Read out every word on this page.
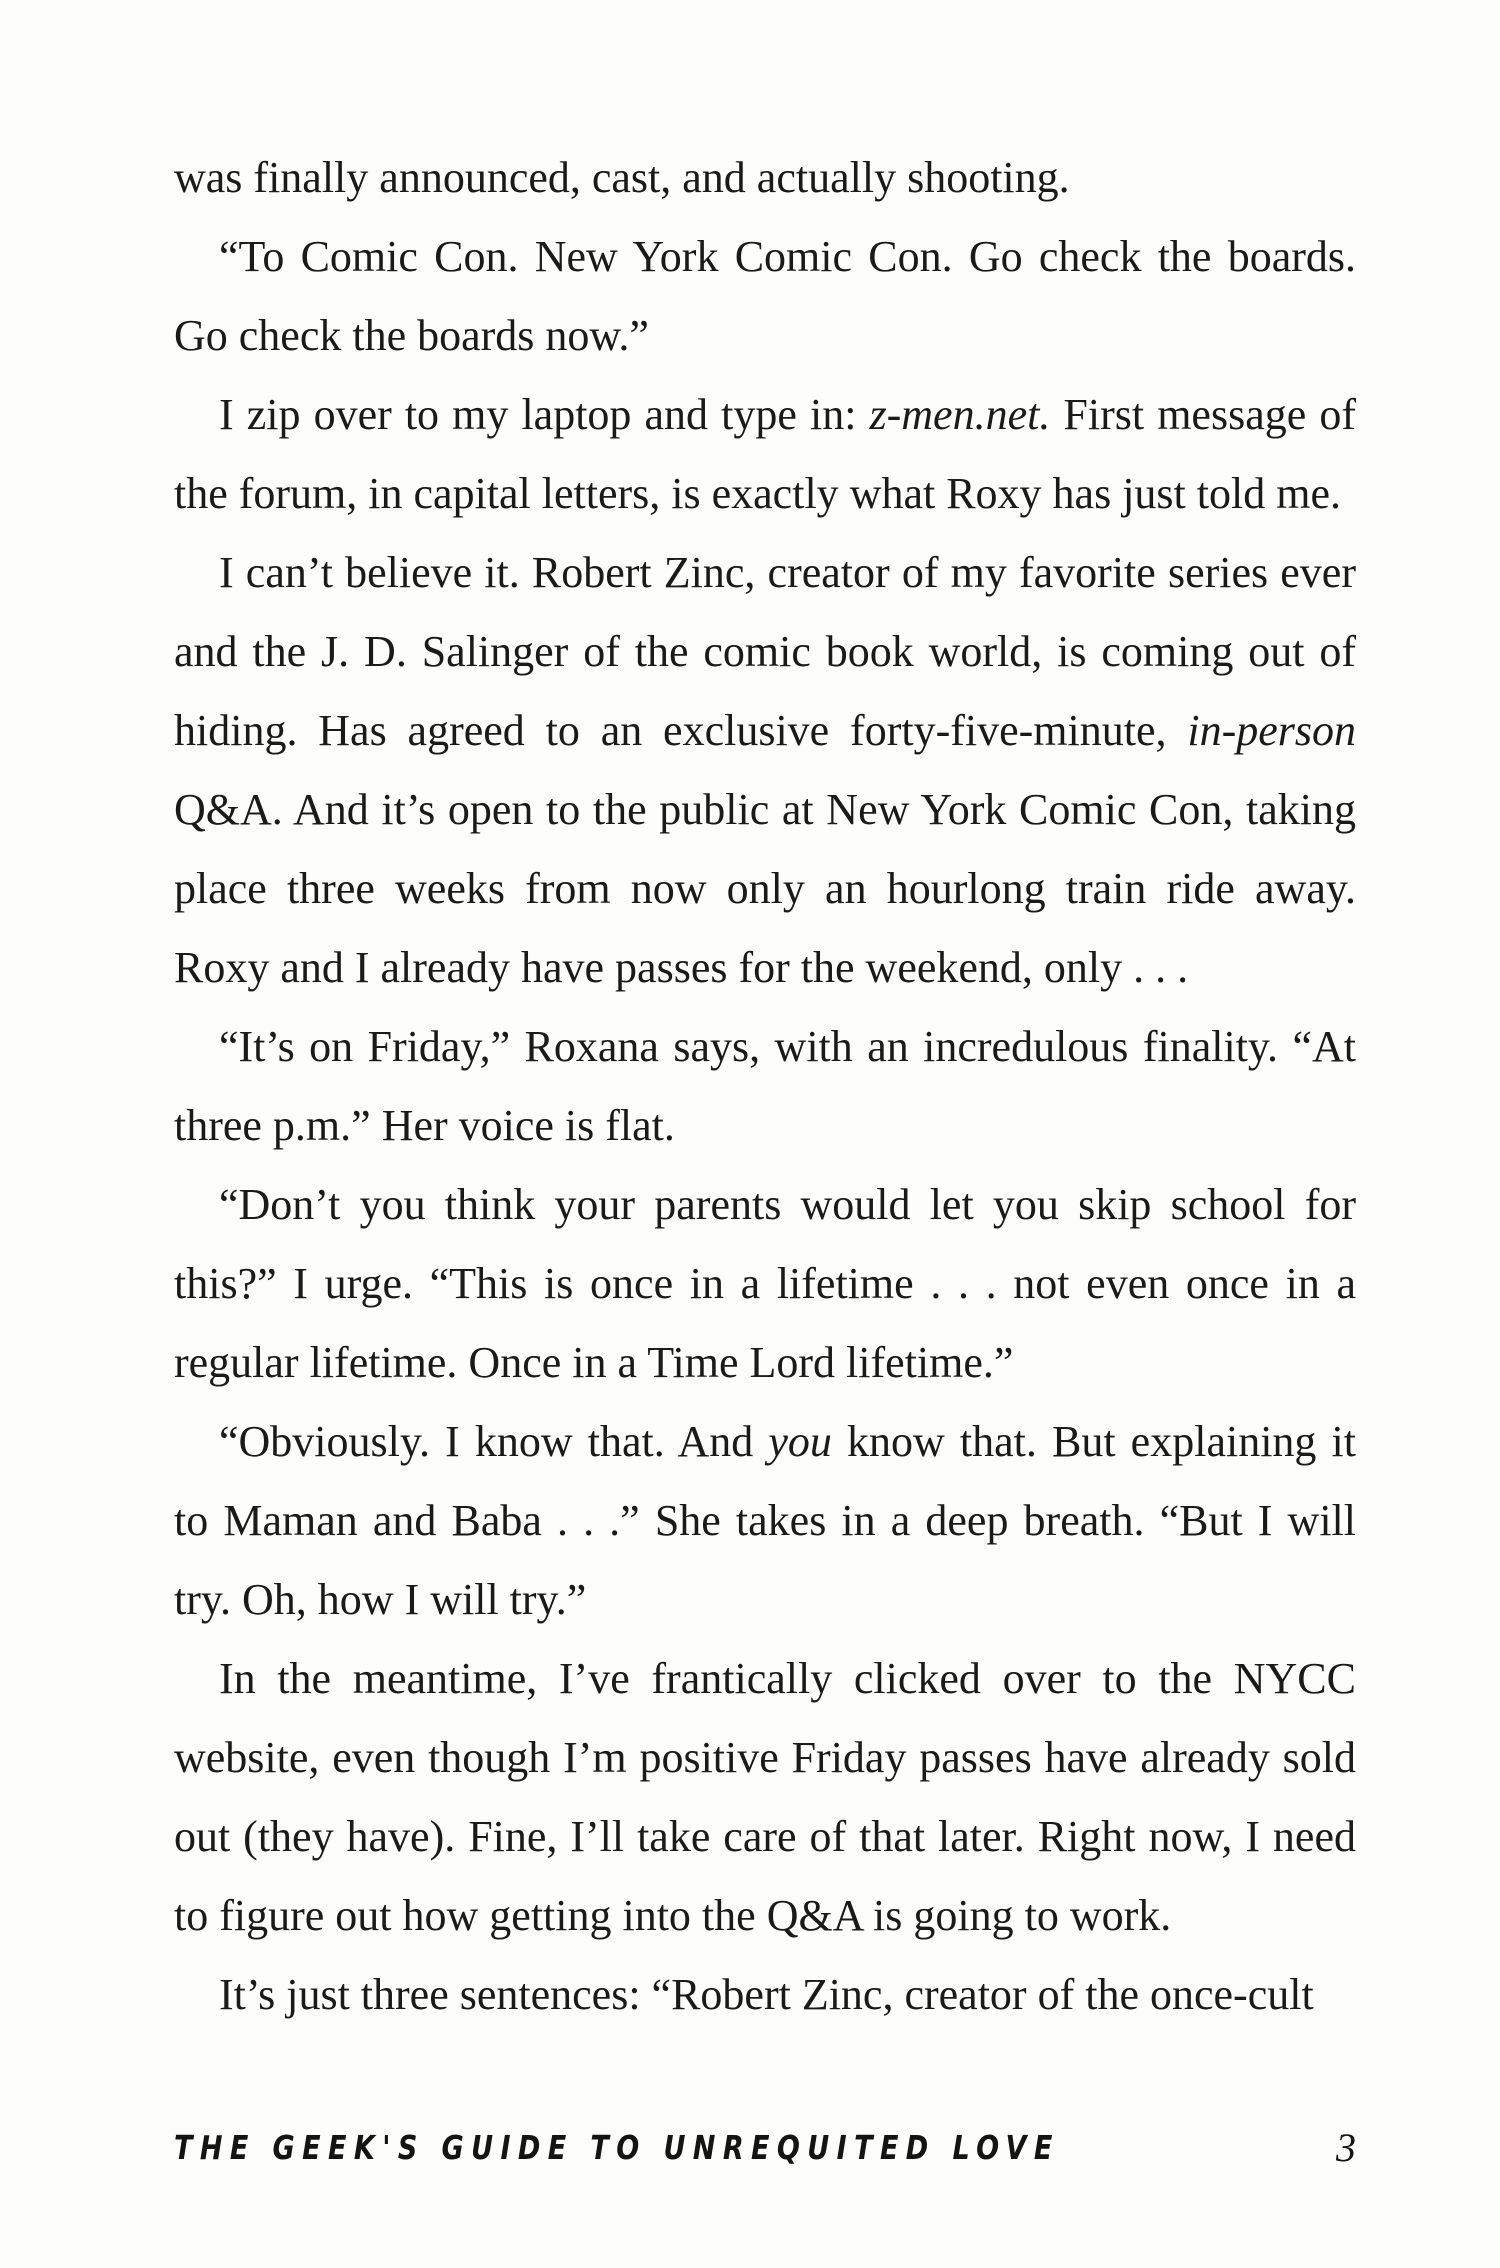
was finally announced, cast, and actually shooting.

“To Comic Con. New York Comic Con. Go check the boards. Go check the boards now.”

I zip over to my laptop and type in: z-men.net. First message of the forum, in capital letters, is exactly what Roxy has just told me.

I can’t believe it. Robert Zinc, creator of my favorite series ever and the J. D. Salinger of the comic book world, is coming out of hiding. Has agreed to an exclusive forty-five-minute, in-person Q&A. And it’s open to the public at New York Comic Con, taking place three weeks from now only an hourlong train ride away. Roxy and I already have passes for the weekend, only . . .

“It’s on Friday,” Roxana says, with an incredulous finality. “At three p.m.” Her voice is flat.

“Don’t you think your parents would let you skip school for this?” I urge. “This is once in a lifetime . . . not even once in a regular lifetime. Once in a Time Lord lifetime.”

“Obviously. I know that. And you know that. But explaining it to Maman and Baba . . .” She takes in a deep breath. “But I will try. Oh, how I will try.”

In the meantime, I’ve frantically clicked over to the NYCC website, even though I’m positive Friday passes have already sold out (they have). Fine, I’ll take care of that later. Right now, I need to figure out how getting into the Q&A is going to work.

It’s just three sentences: “Robert Zinc, creator of the once-cult

THE GEEK'S GUIDE TO UNREQUITED LOVE	3
